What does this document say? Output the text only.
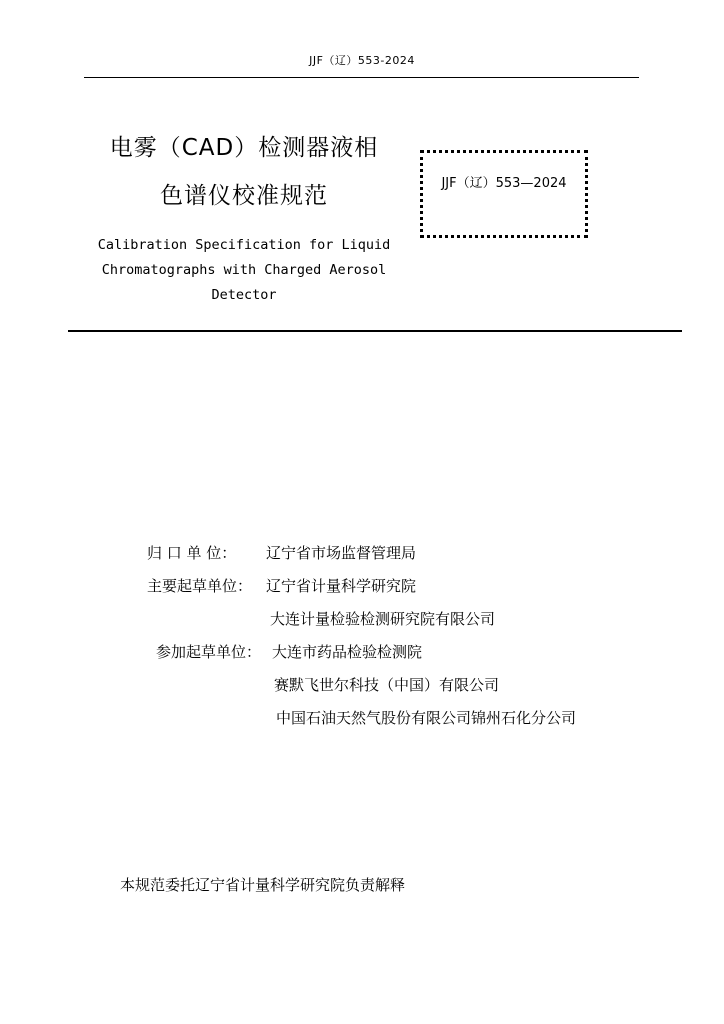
JJF（辽）553-2024
电雾（CAD）检测器液相
色谱仪校准规范	JJF（辽）553—2024
Calibration Specification for Liquid
Chromatographs with Charged Aerosol
Detector
归 口 单 位： 辽宁省市场监督管理局
主要起草单位： 辽宁省计量科学研究院
大连计量检验检测研究院有限公司
参加起草单位： 大连市药品检验检测院
赛默飞世尔科技（中国）有限公司
中国石油天然气股份有限公司锦州石化分公司
本规范委托辽宁省计量科学研究院负责解释
